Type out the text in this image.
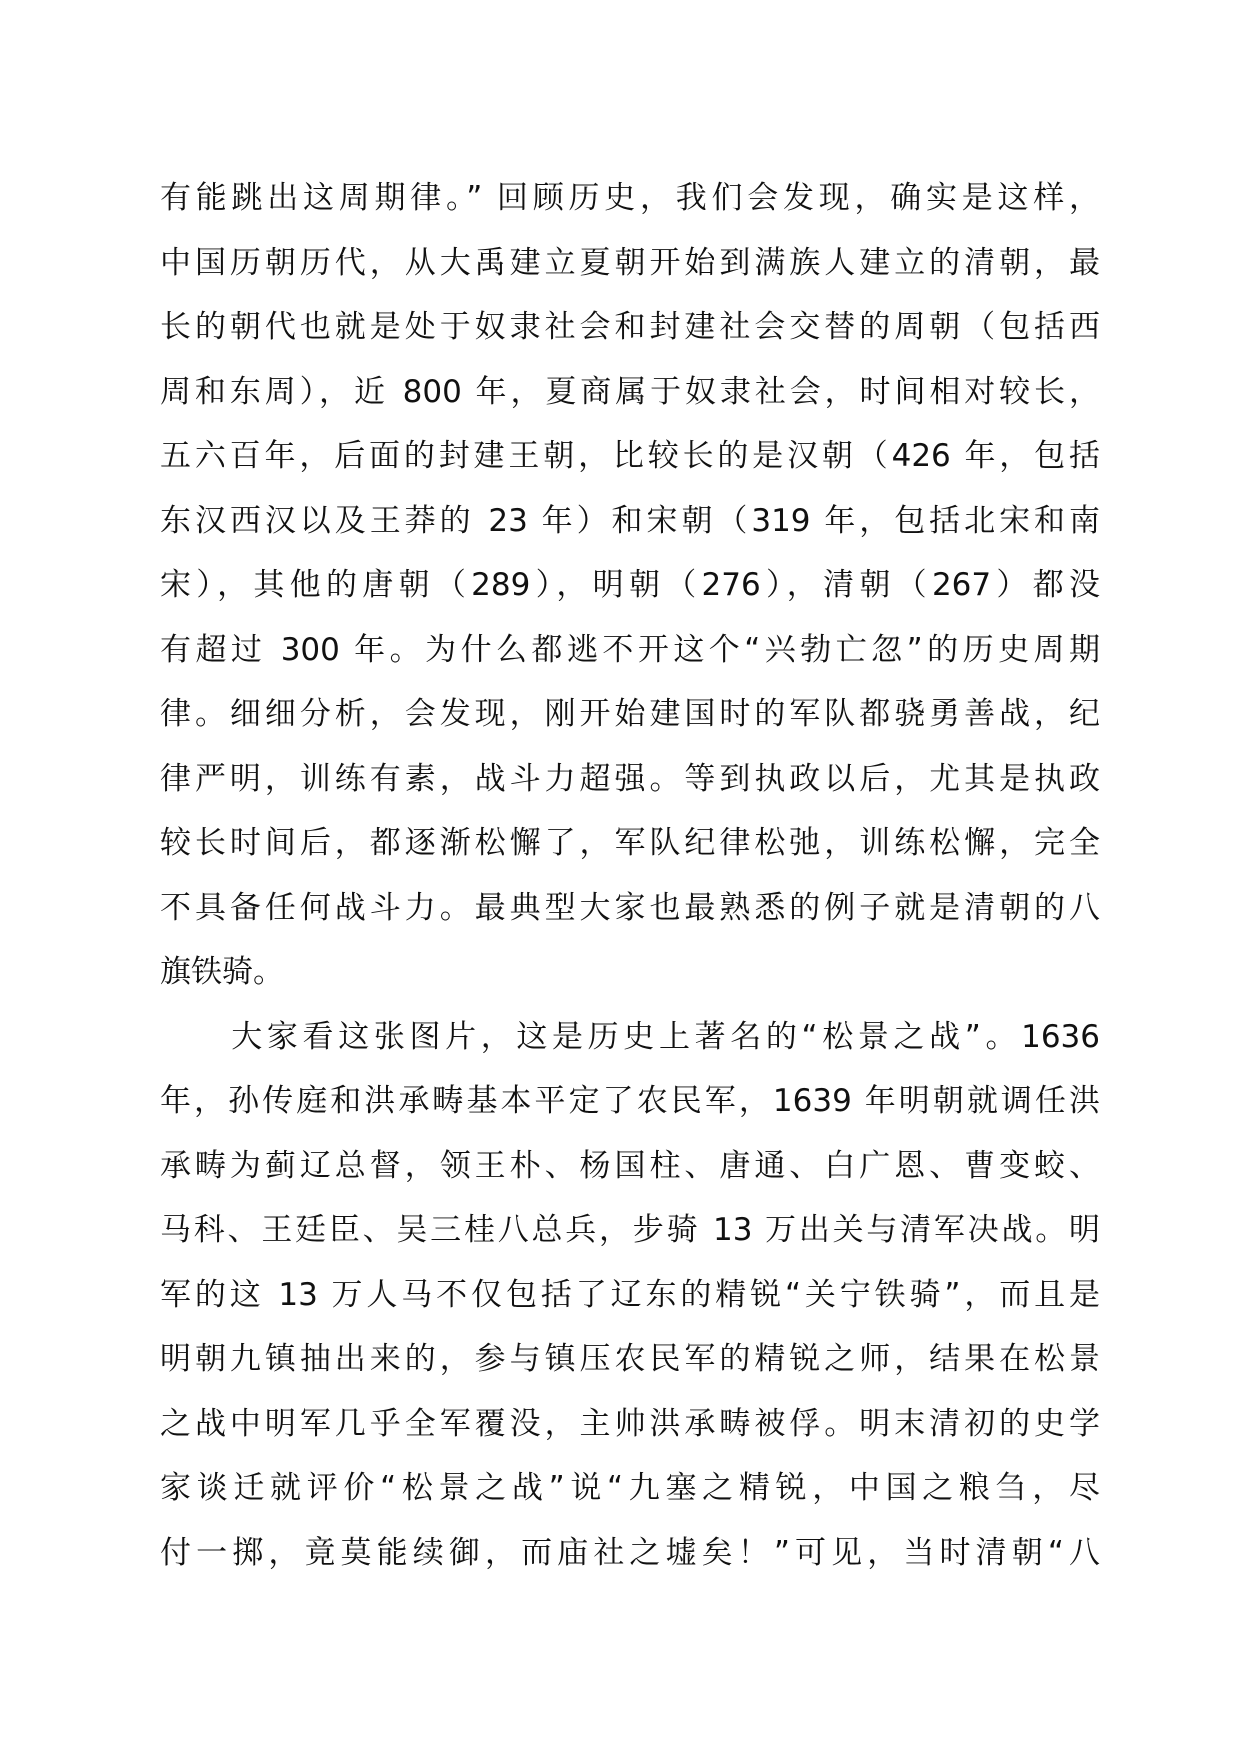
有能跳出这周期律。” 回顾历史，我们会发现，确实是这样，
中国历朝历代，从大禹建立夏朝开始到满族人建立的清朝，最
长的朝代也就是处于奴隶社会和封建社会交替的周朝（包括西
周和东周），近 800 年，夏商属于奴隶社会，时间相对较长，
五六百年，后面的封建王朝，比较长的是汉朝（426 年，包括
东汉西汉以及王莽的 23 年）和宋朝（319 年，包括北宋和南
宋），其他的唐朝（289），明朝（276），清朝（267）都没
有超过 300 年。为什么都逃不开这个“兴勃亡忽”的历史周期
律。细细分析，会发现，刚开始建国时的军队都骁勇善战，纪
律严明，训练有素，战斗力超强。等到执政以后，尤其是执政
较长时间后，都逐渐松懈了，军队纪律松弛，训练松懈，完全
不具备任何战斗力。最典型大家也最熟悉的例子就是清朝的八
旗铁骑。
　　大家看这张图片，这是历史上著名的“松景之战”。1636
年，孙传庭和洪承畴基本平定了农民军，1639 年明朝就调任洪
承畴为蓟辽总督，领王朴、杨国柱、唐通、白广恩、曹变蛟、
马科、王廷臣、吴三桂八总兵，步骑 13 万出关与清军决战。明
军的这 13 万人马不仅包括了辽东的精锐“关宁铁骑”，而且是
明朝九镇抽出来的，参与镇压农民军的精锐之师，结果在松景
之战中明军几乎全军覆没，主帅洪承畴被俘。明末清初的史学
家谈迁就评价“松景之战”说“九塞之精锐，中国之粮刍，尽
付一掷，竟莫能续御，而庙社之墟矣！”可见，当时清朝“八
